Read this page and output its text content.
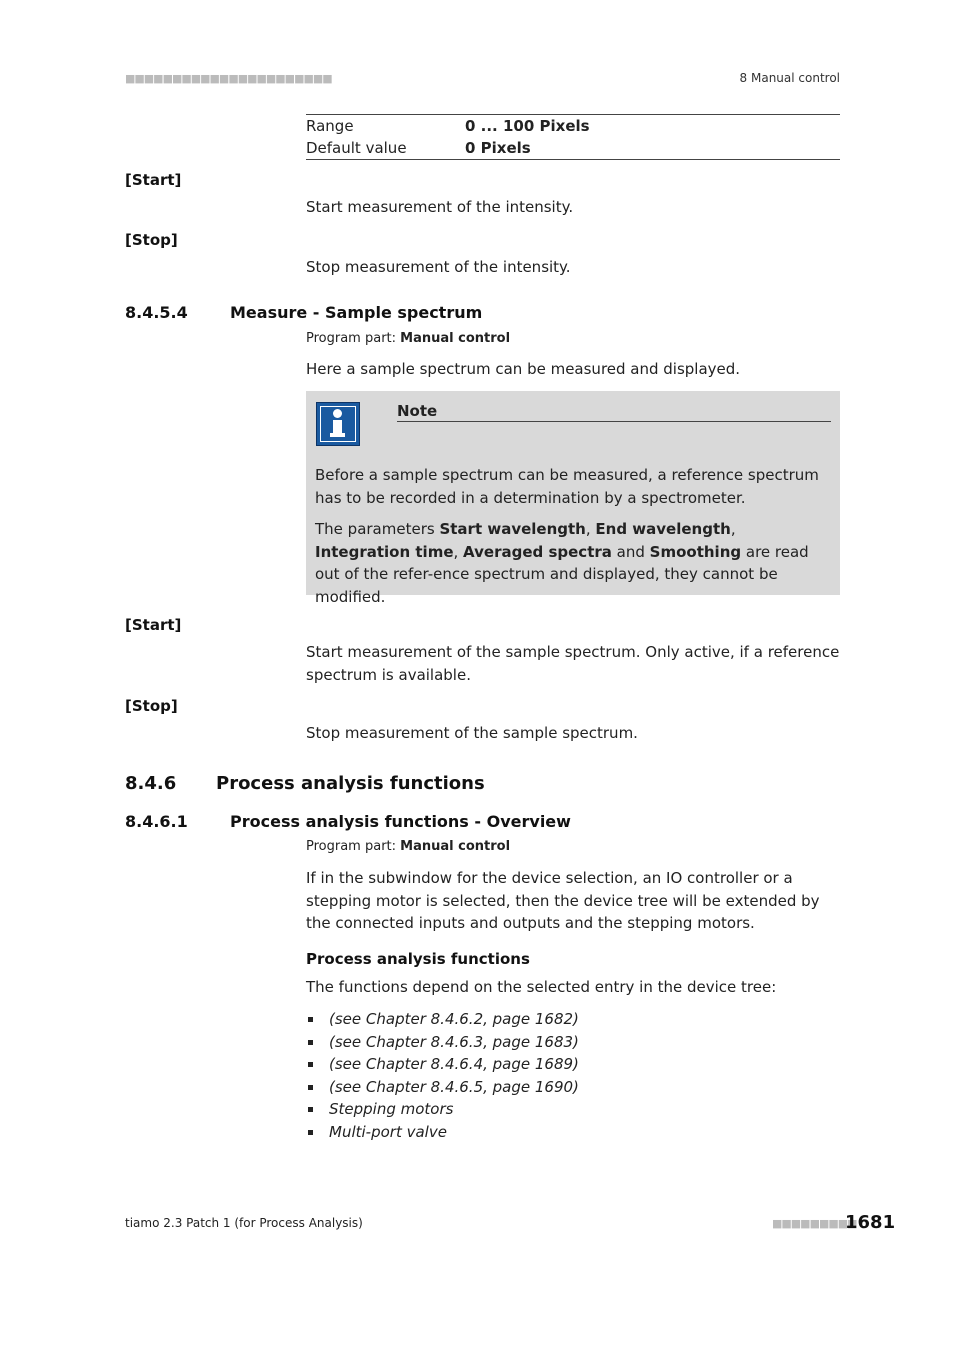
■■■■■■■■■■■■■■■■■■■■■■	8 Manual control
Range	0 ... 100 Pixels
Default value	0 Pixels
[Start]
Start measurement of the intensity.
[Stop]
Stop measurement of the intensity.
8.4.5.4	Measure - Sample spectrum
Program part: Manual control
Here a sample spectrum can be measured and displayed.
Note
Before a sample spectrum can be measured, a reference spectrum has to be recorded in a determination by a spectrometer.
The parameters Start wavelength, End wavelength, Integration time, Averaged spectra and Smoothing are read out of the refer-ence spectrum and displayed, they cannot be modified.
[Start]
Start measurement of the sample spectrum. Only active, if a reference spectrum is available.
[Stop]
Stop measurement of the sample spectrum.
8.4.6 Process analysis functions
8.4.6.1	Process analysis functions - Overview
Program part: Manual control
If in the subwindow for the device selection, an IO controller or a stepping motor is selected, then the device tree will be extended by the connected inputs and outputs and the stepping motors.
Process analysis functions
The functions depend on the selected entry in the device tree:
(see Chapter 8.4.6.2, page 1682)
(see Chapter 8.4.6.3, page 1683)
(see Chapter 8.4.6.4, page 1689)
(see Chapter 8.4.6.5, page 1690)
Stepping motors
Multi-port valve
tiamo 2.3 Patch 1 (for Process Analysis)	■■■■■■■■■
1681
